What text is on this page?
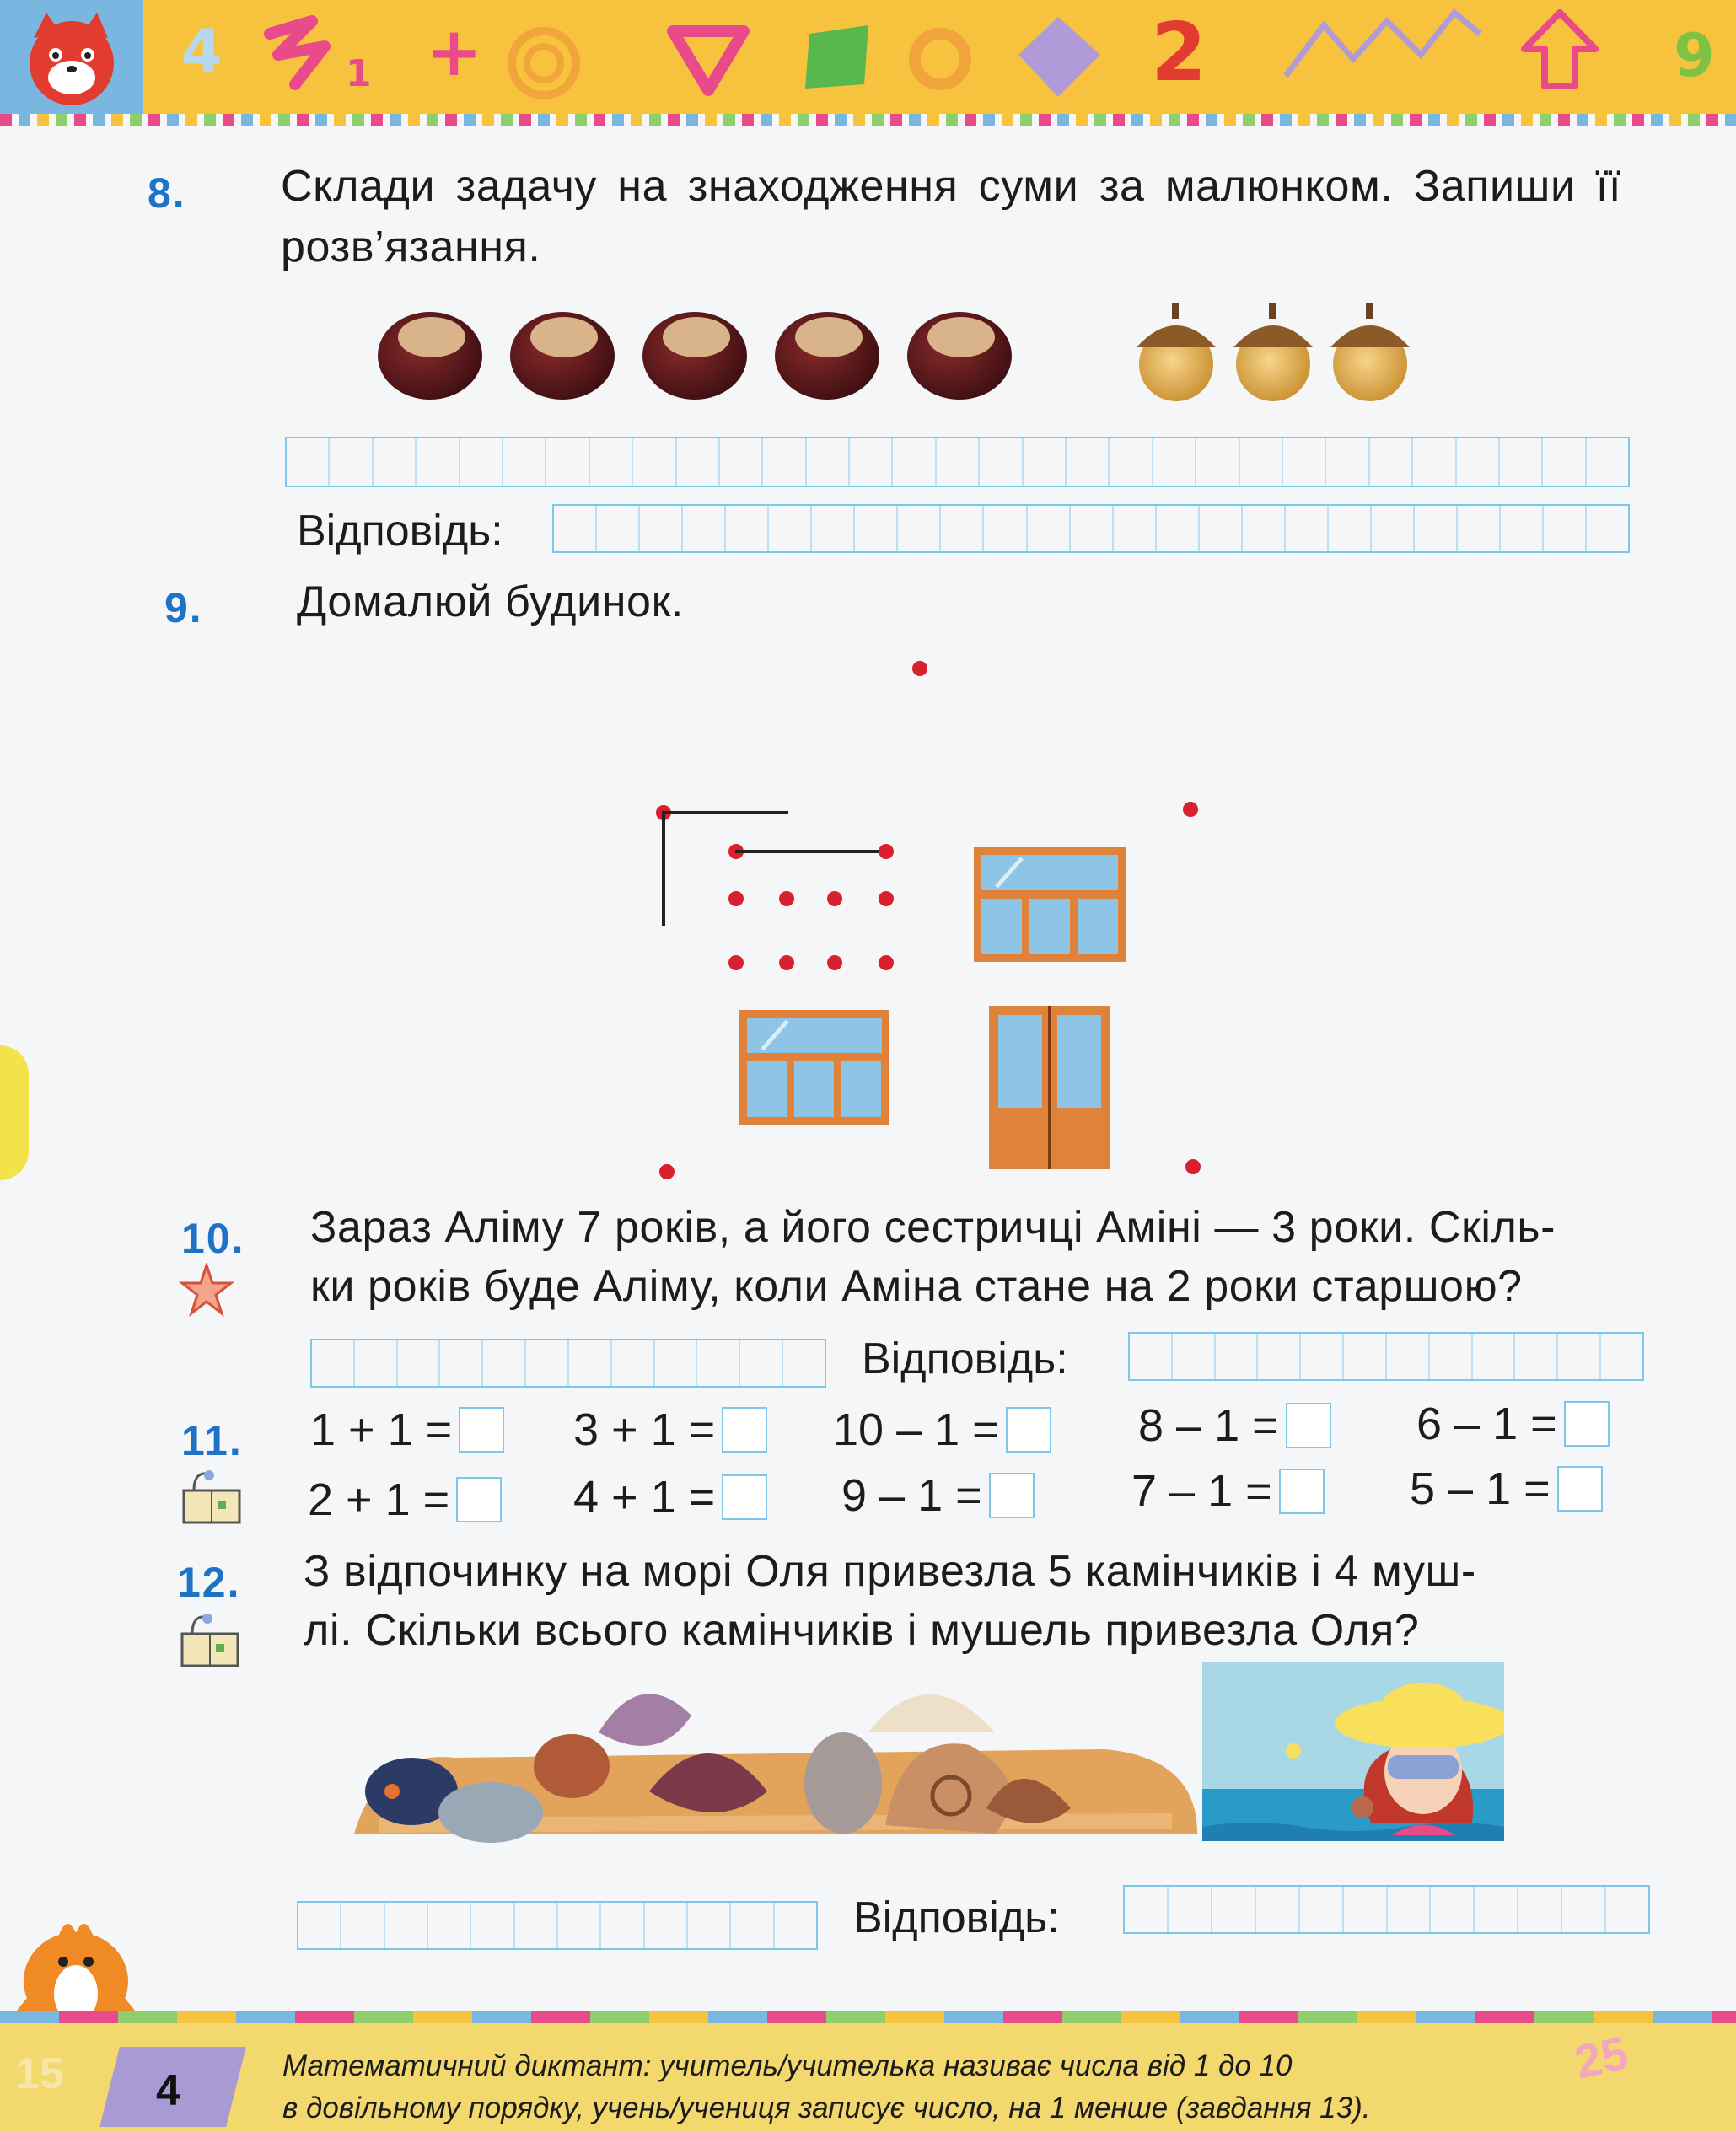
4	1 +	2	9
8. Склади задачу на знаходження суми за малюнком. Запиши її розв’язання.
Відповідь:
9. Домалюй будинок.
10. Зараз Аліму 7 років, а його сестричці Аміні — 3 роки. Скіль-
ки років буде Аліму, коли Аміна стане на 2 роки старшою?
Відповідь:
11. 1 + 1 =	3 + 1 =	10 – 1 =	8 – 1 =	6 – 1 =
2 + 1 =	4 + 1 =	9 – 1 =	7 – 1 =	5 – 1 =
12. З відпочинку на морі Оля привезла 5 камінчиків і 4 муш-
лі. Скільки всього камінчиків і мушель привезла Оля?
Відповідь:
15 4
Математичний диктант: учитель/учителька називає числа від 1 до 10
в довільному порядку, учень/учениця записує число, на 1 менше (завдання 13).
25
